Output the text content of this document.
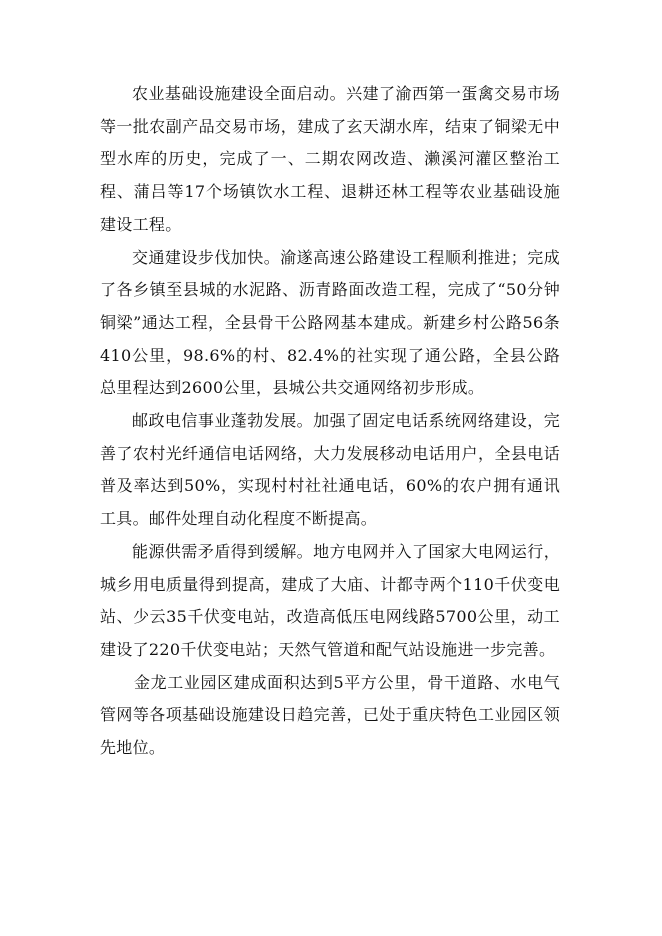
农业基础设施建设全面启动。兴建了渝西第一蛋禽交易市场等一批农副产品交易市场，建成了玄天湖水库，结束了铜梁无中型水库的历史，完成了一、二期农网改造、濑溪河灌区整治工程、蒲吕等17个场镇饮水工程、退耕还林工程等农业基础设施建设工程。

交通建设步伐加快。渝遂高速公路建设工程顺利推进；完成了各乡镇至县城的水泥路、沥青路面改造工程，完成了“50分钟铜梁”通达工程，全县骨干公路网基本建成。新建乡村公路56条410公里，98.6%的村、82.4%的社实现了通公路，全县公路总里程达到2600公里，县城公共交通网络初步形成。

邮政电信事业蓬勃发展。加强了固定电话系统网络建设，完善了农村光纤通信电话网络，大力发展移动电话用户，全县电话普及率达到50%，实现村村社社通电话，60%的农户拥有通讯工具。邮件处理自动化程度不断提高。

能源供需矛盾得到缓解。地方电网并入了国家大电网运行，城乡用电质量得到提高，建成了大庙、计都寺两个110千伏变电站、少云35千伏变电站，改造高低压电网线路5700公里，动工建设了220千伏变电站；天然气管道和配气站设施进一步完善。

金龙工业园区建成面积达到5平方公里，骨干道路、水电气管网等各项基础设施建设日趋完善，已处于重庆特色工业园区领先地位。
